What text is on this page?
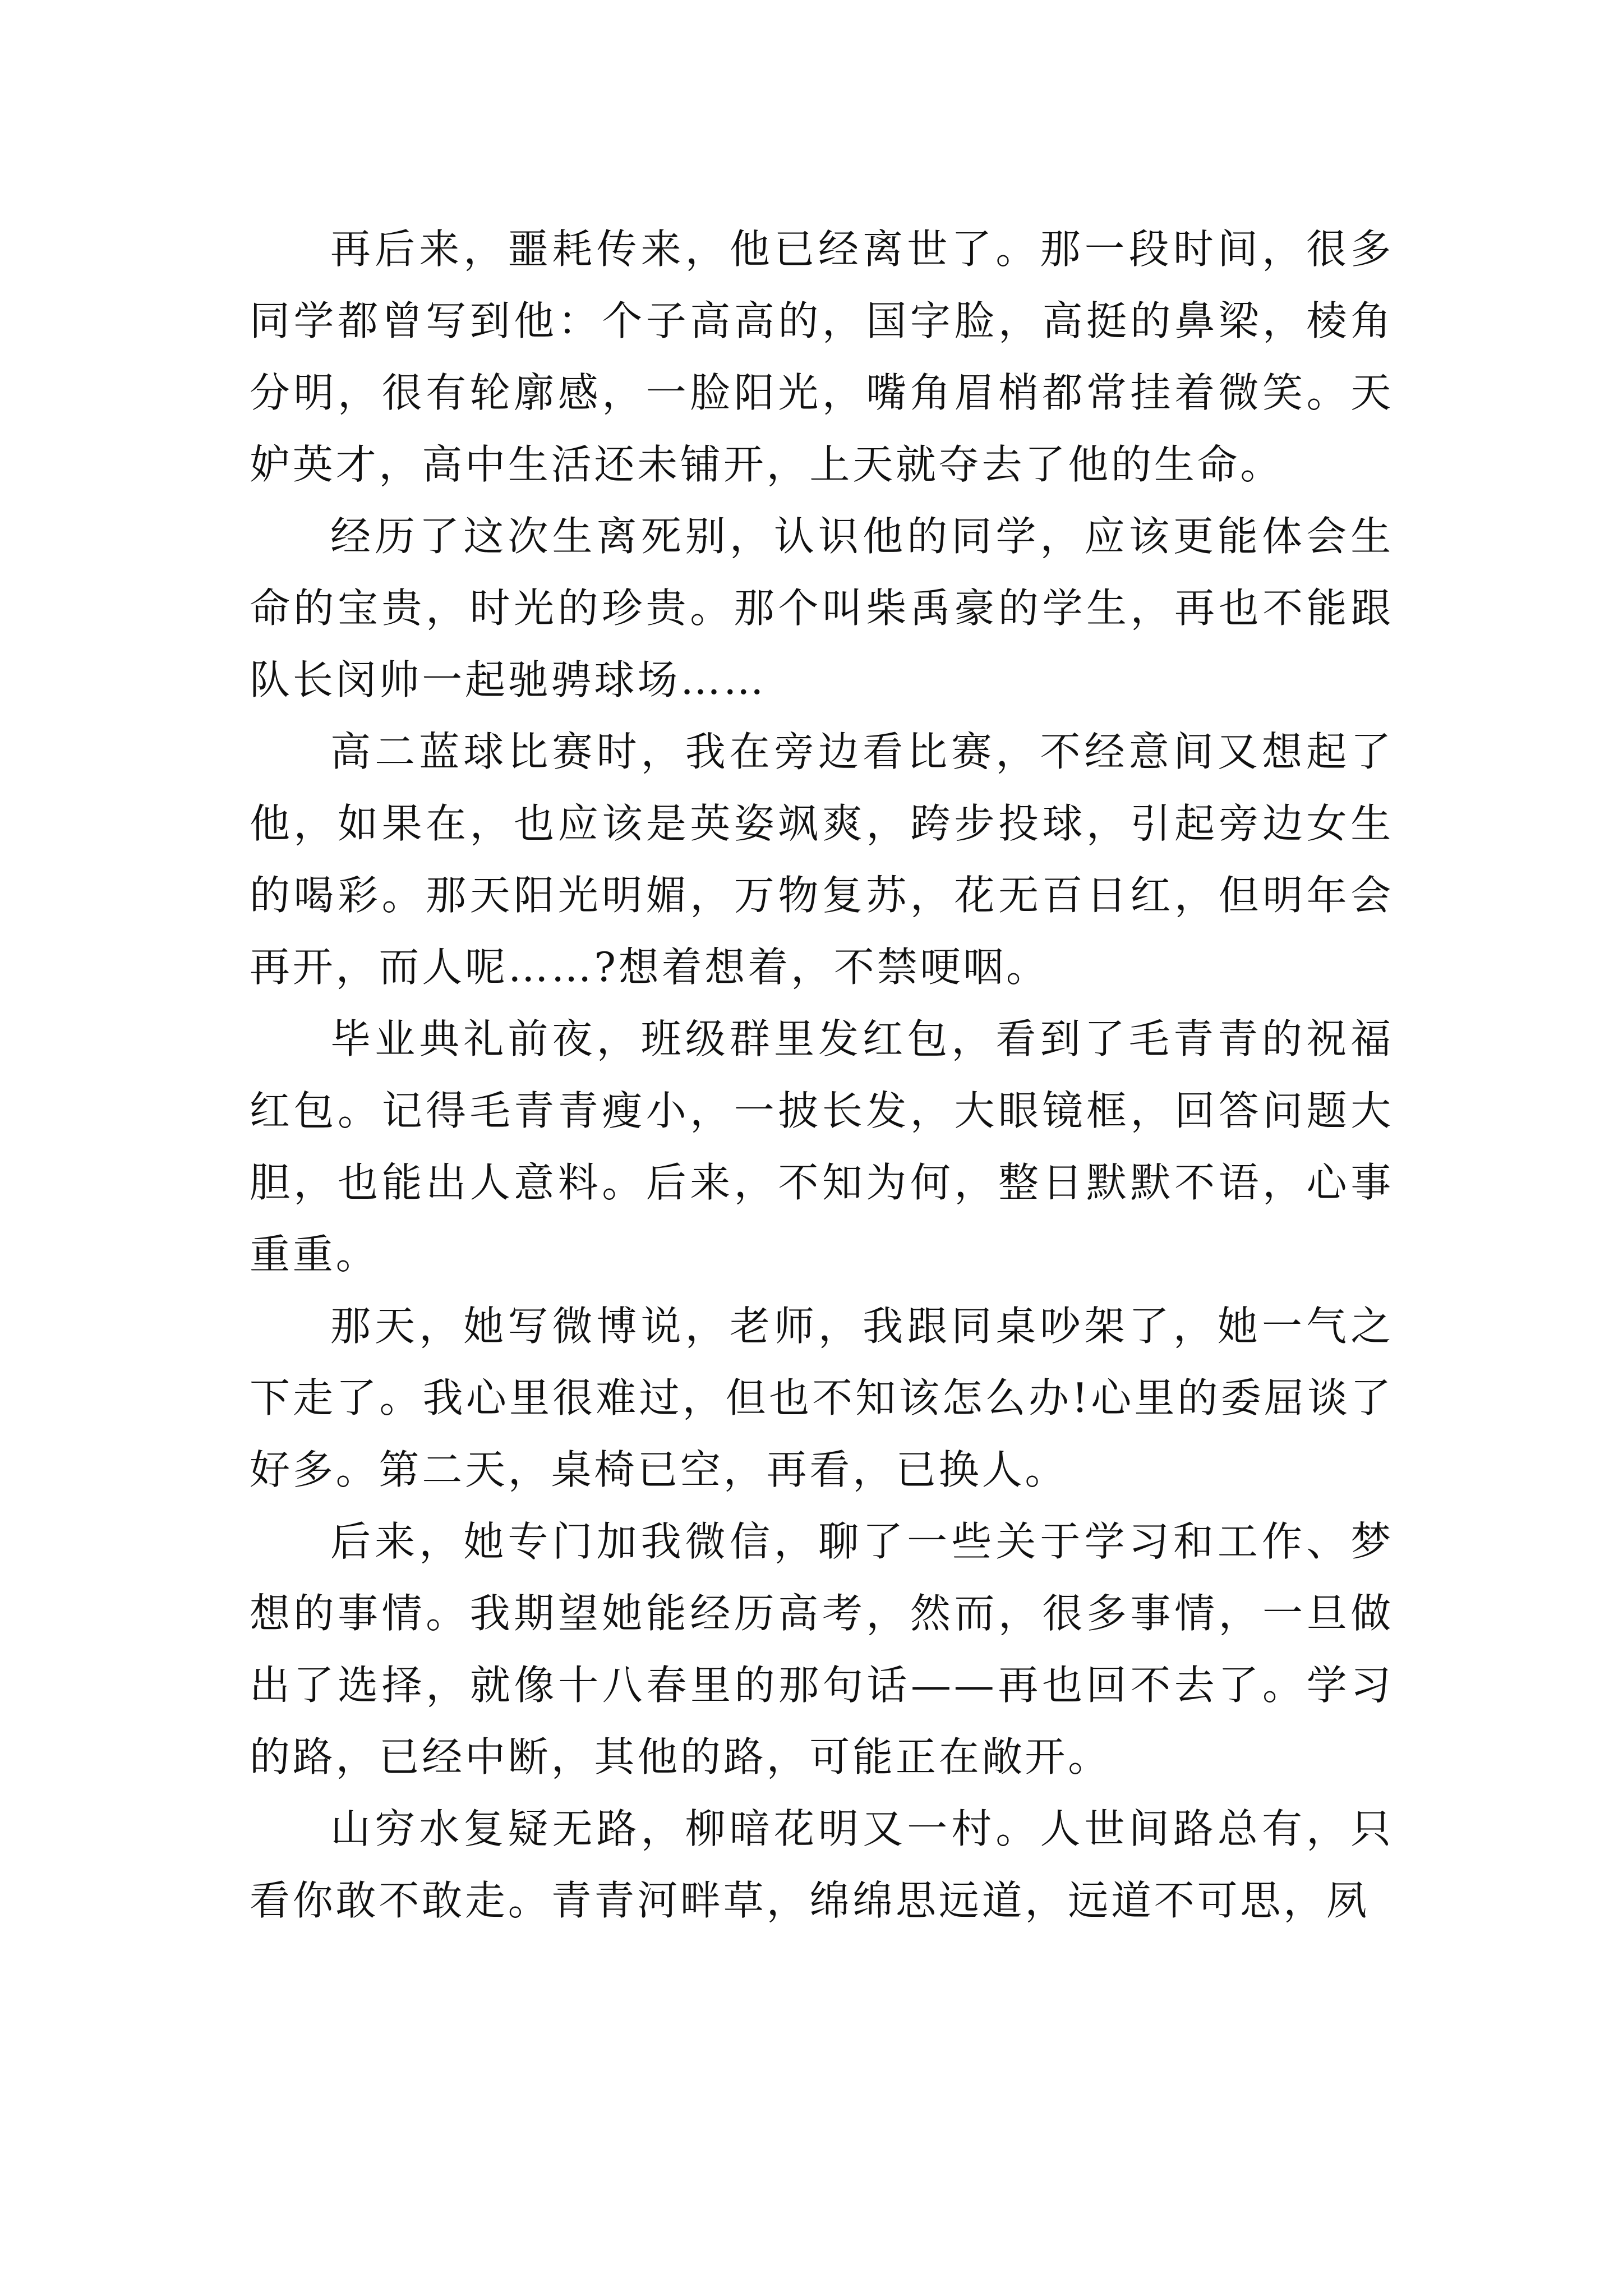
再后来，噩耗传来，他已经离世了。那一段时间，很多同学都曾写到他：个子高高的，国字脸，高挺的鼻梁，棱角分明，很有轮廓感，一脸阳光，嘴角眉梢都常挂着微笑。天妒英才，高中生活还未铺开，上天就夺去了他的生命。

经历了这次生离死别，认识他的同学，应该更能体会生命的宝贵，时光的珍贵。那个叫柴禹豪的学生，再也不能跟队长闵帅一起驰骋球场……

高二蓝球比赛时，我在旁边看比赛，不经意间又想起了他，如果在，也应该是英姿飒爽，跨步投球，引起旁边女生的喝彩。那天阳光明媚，万物复苏，花无百日红，但明年会再开，而人呢……?想着想着，不禁哽咽。

毕业典礼前夜，班级群里发红包，看到了毛青青的祝福红包。记得毛青青瘦小，一披长发，大眼镜框，回答问题大胆，也能出人意料。后来，不知为何，整日默默不语，心事重重。

那天，她写微博说，老师，我跟同桌吵架了，她一气之下走了。我心里很难过，但也不知该怎么办!心里的委屈谈了好多。第二天，桌椅已空，再看，已换人。

后来，她专门加我微信，聊了一些关于学习和工作、梦想的事情。我期望她能经历高考，然而，很多事情，一旦做出了选择，就像十八春里的那句话——再也回不去了。学习的路，已经中断，其他的路，可能正在敞开。

山穷水复疑无路，柳暗花明又一村。人世间路总有，只看你敢不敢走。青青河畔草，绵绵思远道，远道不可思，夙
